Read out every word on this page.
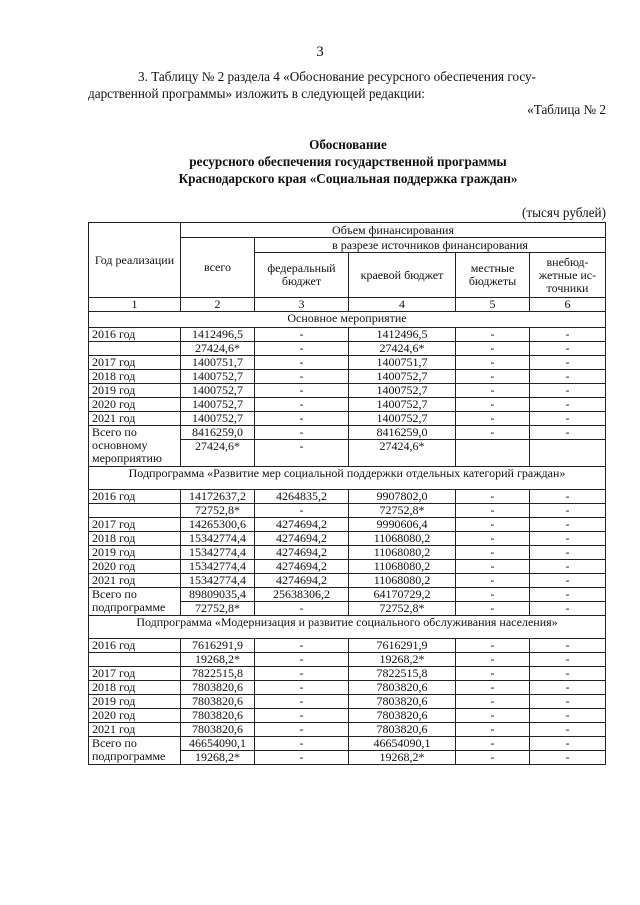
3
3. Таблицу № 2 раздела 4 «Обоснование ресурсного обеспечения госу-
дарственной программы» изложить в следующей редакции:
«Таблица № 2
Обоснование
ресурсного обеспечения государственной программы
Краснодарского края «Социальная поддержка граждан»
(тысяч рублей)
Год реализации	Объем финансирования				
	всего	в разрезе источников финансирования			
		федеральный бюджет	краевой бюджет	местные бюджеты	внебюд-жетные ис-точники
1	2	3	4	5	6
Основное мероприятие					
2016 год	1412496,5	-	1412496,5	-	-
	27424,6*	-	27424,6*	-	-
2017 год	1400751,7	-	1400751,7	-	-
2018 год	1400752,7	-	1400752,7	-	-
2019 год	1400752,7	-	1400752,7	-	-
2020 год	1400752,7	-	1400752,7	-	-
2021 год	1400752,7	-	1400752,7	-	-
Всего по основному мероприятию	8416259,0	-	8416259,0	-	-
	27424,6*	-	27424,6*		
Подпрограмма «Развитие мер социальной поддержки отдельных категорий граждан»					
2016 год	14172637,2	4264835,2	9907802,0	-	-
	72752,8*	-	72752,8*	-	-
2017 год	14265300,6	4274694,2	9990606,4	-	-
2018 год	15342774,4	4274694,2	11068080,2	-	-
2019 год	15342774,4	4274694,2	11068080,2	-	-
2020 год	15342774,4	4274694,2	11068080,2	-	-
2021 год	15342774,4	4274694,2	11068080,2	-	-
Всего по подпрограмме	89809035,4	25638306,2	64170729,2	-	-
	72752,8*	-	72752,8*	-	-
Подпрограмма «Модернизация и развитие социального обслуживания населения»					
2016 год	7616291,9	-	7616291,9	-	-
	19268,2*	-	19268,2*	-	-
2017 год	7822515,8	-	7822515,8	-	-
2018 год	7803820,6	-	7803820,6	-	-
2019 год	7803820,6	-	7803820,6	-	-
2020 год	7803820,6	-	7803820,6	-	-
2021 год	7803820,6	-	7803820,6	-	-
Всего по подпрограмме	46654090,1	-	46654090,1	-	-
	19268,2*	-	19268,2*	-	-
